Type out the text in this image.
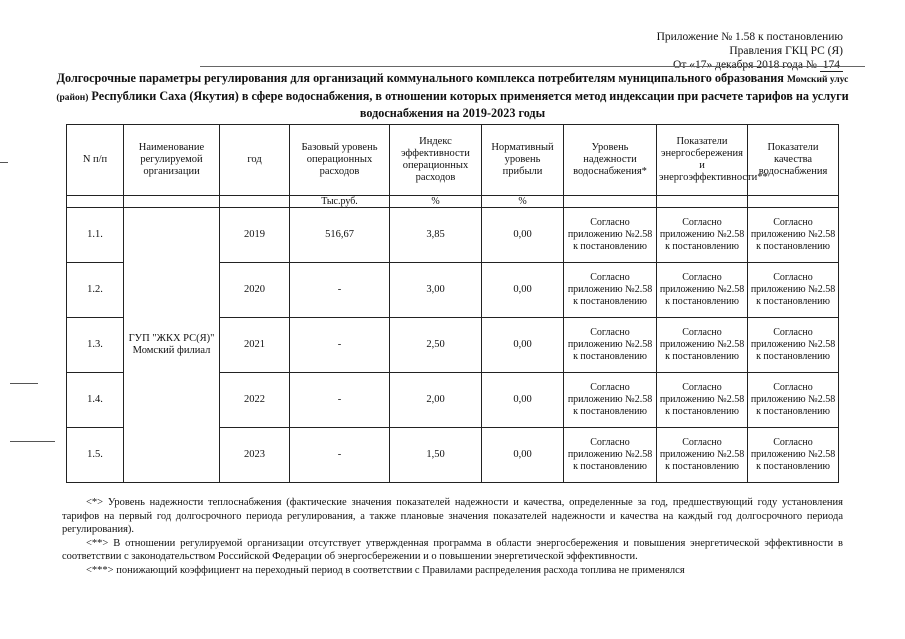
Приложение № 1.58 к постановлению
Правления ГКЦ РС (Я)
От «17» декабря 2018 года № 174
Долгосрочные параметры регулирования для организаций коммунального комплекса потребителям муниципального образования Момский улус (район) Республики Саха (Якутия) в сфере водоснабжения, в отношении которых применяется метод индексации при расчете тарифов на услуги водоснабжения на 2019-2023 годы
N п/п	Наименование регулируемой организации	год	Базовый уровень операционных расходов	Индекс эффективности операционных расходов	Нормативный уровень прибыли	Уровень надежности водоснабжения*	Показатели энергосбережения и энергоэффективности**	Показатели качества водоснабжения
			Тыс.руб.	%	%			
1.1.	ГУП "ЖКХ РС(Я)" Момский филиал	2019	516,67	3,85	0,00	Согласно приложению №2.58 к постановлению	Согласно приложению №2.58 к постановлению	Согласно приложению №2.58 к постановлению
1.2.		2020	-	3,00	0,00	Согласно приложению №2.58 к постановлению	Согласно приложению №2.58 к постановлению	Согласно приложению №2.58 к постановлению
1.3.		2021	-	2,50	0,00	Согласно приложению №2.58 к постановлению	Согласно приложению №2.58 к постановлению	Согласно приложению №2.58 к постановлению
1.4.		2022	-	2,00	0,00	Согласно приложению №2.58 к постановлению	Согласно приложению №2.58 к постановлению	Согласно приложению №2.58 к постановлению
1.5.		2023	-	1,50	0,00	Согласно приложению №2.58 к постановлению	Согласно приложению №2.58 к постановлению	Согласно приложению №2.58 к постановлению

<*> Уровень надежности теплоснабжения (фактические значения показателей надежности и качества, определенные за год, предшествующий году установления тарифов на первый год долгосрочного периода регулирования, а также плановые значения показателей надежности и качества на каждый год долгосрочного периода регулирования).

<**> В отношении регулируемой организации отсутствует утвержденная программа в области энергосбережения и повышения энергетической эффективности в соответствии с законодательством Российской Федерации об энергосбережении и о повышении энергетической эффективности.

<***> понижающий коэффициент на переходный период в соответствии с Правилами распределения расхода топлива не применялся
